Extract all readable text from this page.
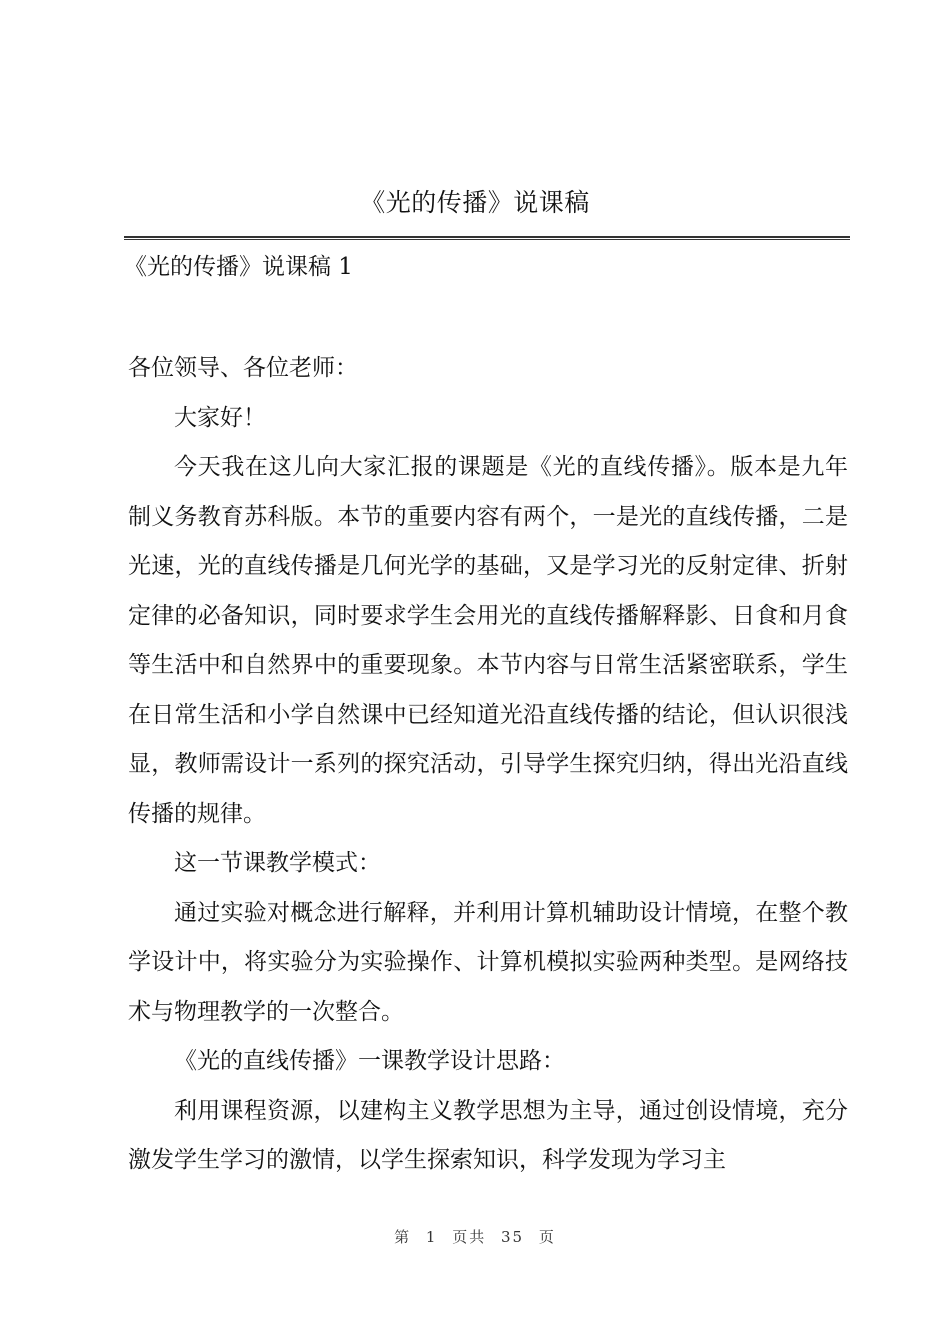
《光的传播》说课稿
《光的传播》说课稿 1

各位领导、各位老师：

大家好！

今天我在这儿向大家汇报的课题是《光的直线传播》。版本是九年制义务教育苏科版。本节的重要内容有两个，一是光的直线传播，二是光速，光的直线传播是几何光学的基础，又是学习光的反射定律、折射定律的必备知识，同时要求学生会用光的直线传播解释影、日食和月食等生活中和自然界中的重要现象。本节内容与日常生活紧密联系，学生在日常生活和小学自然课中已经知道光沿直线传播的结论，但认识很浅显，教师需设计一系列的探究活动，引导学生探究归纳，得出光沿直线传播的规律。

这一节课教学模式：

通过实验对概念进行解释，并利用计算机辅助设计情境，在整个教学设计中，将实验分为实验操作、计算机模拟实验两种类型。是网络技术与物理教学的一次整合。

《光的直线传播》一课教学设计思路：

利用课程资源，以建构主义教学思想为主导，通过创设情境，充分激发学生学习的激情，以学生探索知识，科学发现为学习主

第 1 页共 35 页
